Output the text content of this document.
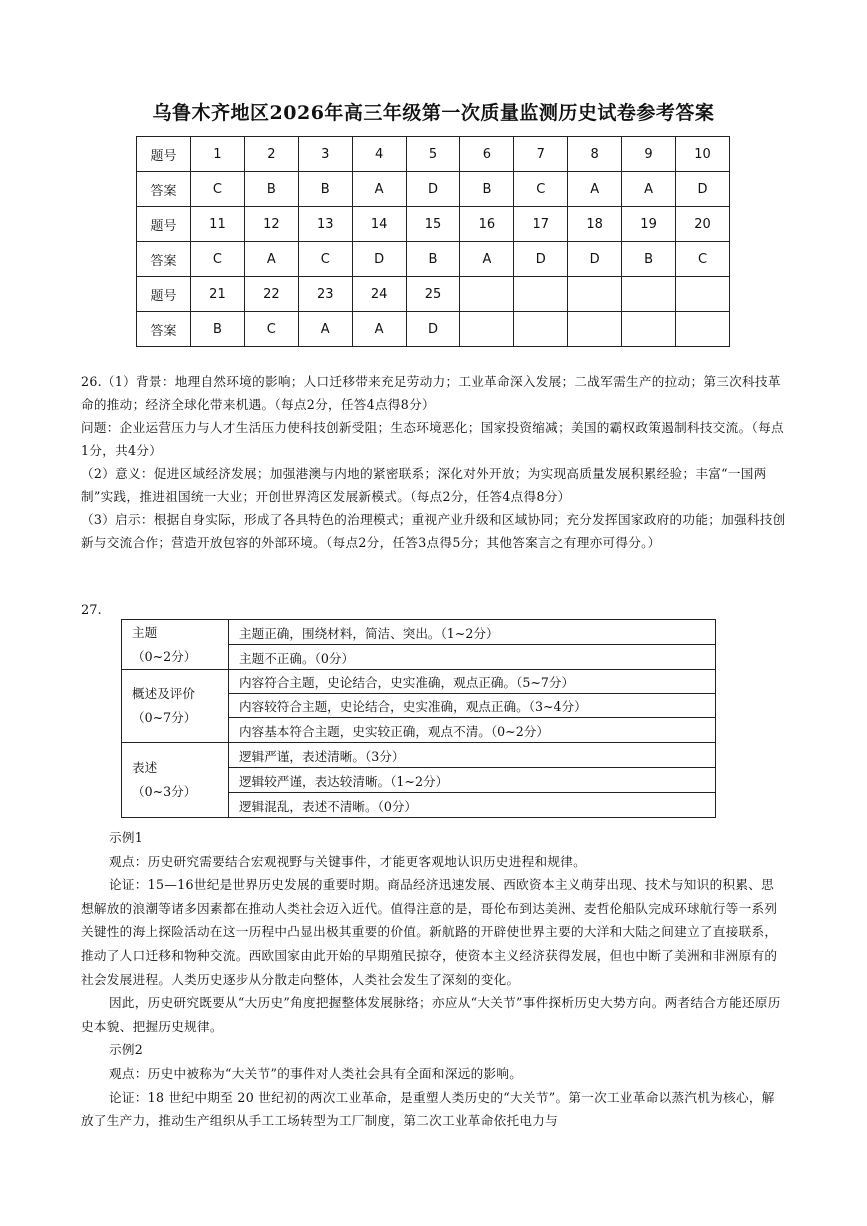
乌鲁木齐地区2026年高三年级第一次质量监测历史试卷参考答案
题号	1	2	3	4	5	6	7	8	9	10
答案	C	B	B	A	D	B	C	A	A	D
题号	11	12	13	14	15	16	17	18	19	20
答案	C	A	C	D	B	A	D	D	B	C
题号	21	22	23	24	25					
答案	B	C	A	A	D					

26.（1）背景：地理自然环境的影响；人口迁移带来充足劳动力；工业革命深入发展；二战军需生产的拉动；第三次科技革命的推动；经济全球化带来机遇。（每点2分，任答4点得8分）

问题：企业运营压力与人才生活压力使科技创新受阻；生态环境恶化；国家投资缩减；美国的霸权政策遏制科技交流。（每点1分，共4分）

（2）意义：促进区域经济发展；加强港澳与内地的紧密联系；深化对外开放；为实现高质量发展积累经验；丰富“一国两制”实践，推进祖国统一大业；开创世界湾区发展新模式。（每点2分，任答4点得8分）

（3）启示：根据自身实际，形成了各具特色的治理模式；重视产业升级和区域协同；充分发挥国家政府的功能；加强科技创新与交流合作；营造开放包容的外部环境。（每点2分，任答3点得5分；其他答案言之有理亦可得分。）

27.
主题
（0~2分）	主题正确，围绕材料，简洁、突出。（1~2分）
	主题不正确。（0分）

概述及评价
（0~7分）	内容符合主题，史论结合，史实准确，观点正确。（5~7分）
	内容较符合主题，史论结合，史实准确，观点正确。（3~4分）
	内容基本符合主题，史实较正确，观点不清。（0~2分）

表述
（0~3分）	逻辑严谨，表述清晰。（3分）
	逻辑较严谨，表达较清晰。（1~2分）
	逻辑混乱，表述不清晰。（0分）

示例1

观点：历史研究需要结合宏观视野与关键事件，才能更客观地认识历史进程和规律。

论证：15—16世纪是世界历史发展的重要时期。商品经济迅速发展、西欧资本主义萌芽出现、技术与知识的积累、思想解放的浪潮等诸多因素都在推动人类社会迈入近代。值得注意的是，哥伦布到达美洲、麦哲伦船队完成环球航行等一系列关键性的海上探险活动在这一历程中凸显出极其重要的价值。新航路的开辟使世界主要的大洋和大陆之间建立了直接联系，推动了人口迁移和物种交流。西欧国家由此开始的早期殖民掠夺，使资本主义经济获得发展，但也中断了美洲和非洲原有的社会发展进程。人类历史逐步从分散走向整体，人类社会发生了深刻的变化。

因此，历史研究既要从“大历史”角度把握整体发展脉络；亦应从“大关节”事件探析历史大势方向。两者结合方能还原历史本貌、把握历史规律。

示例2

观点：历史中被称为“大关节”的事件对人类社会具有全面和深远的影响。

论证：18 世纪中期至 20 世纪初的两次工业革命，是重塑人类历史的“大关节”。第一次工业革命以蒸汽机为核心，解放了生产力，推动生产组织从手工工场转型为工厂制度，第二次工业革命依托电力与
